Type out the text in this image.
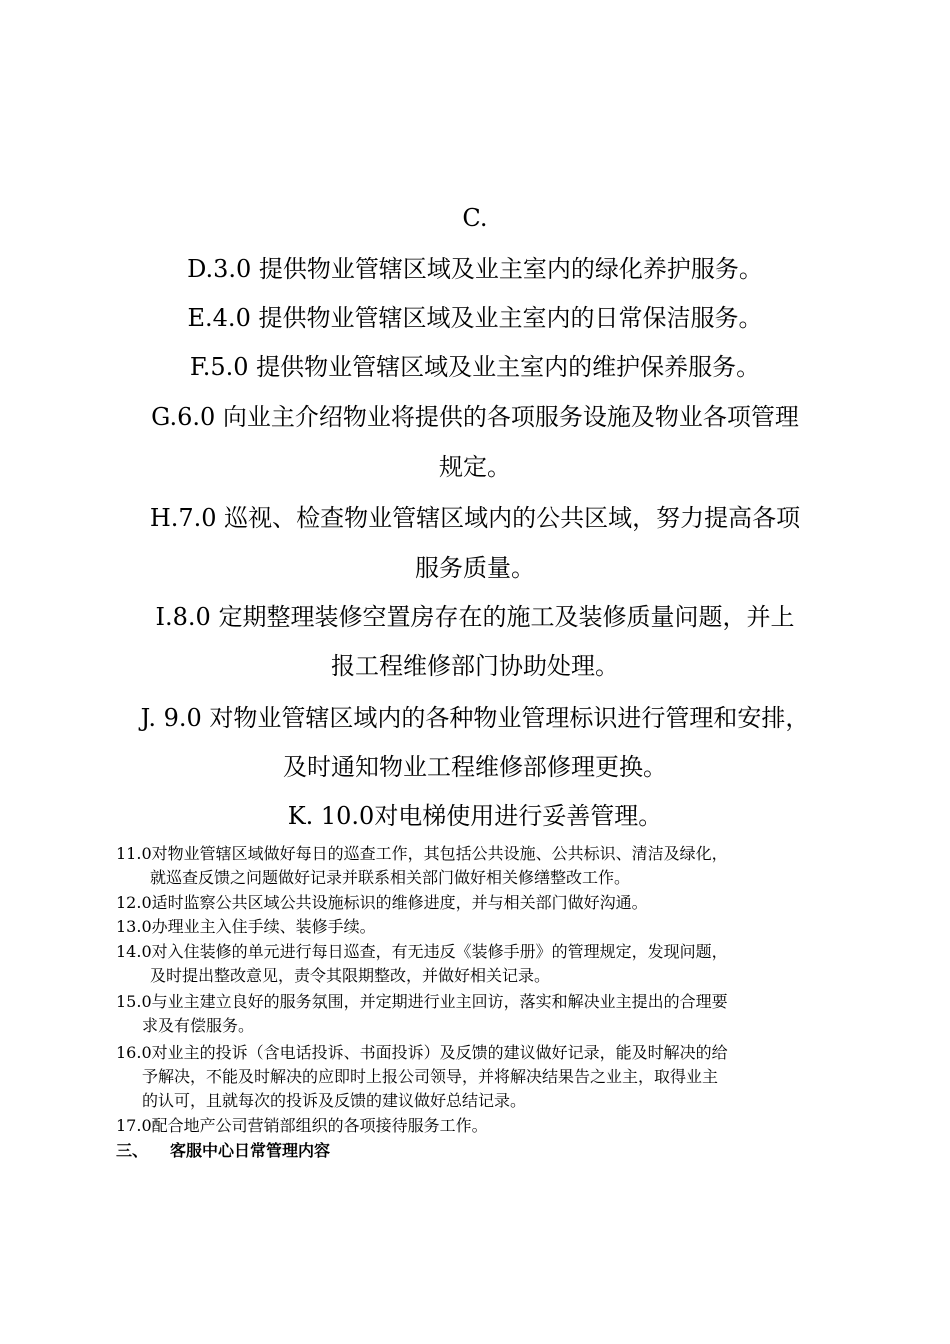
C.
D.3.0 提供物业管辖区域及业主室内的绿化养护服务。
E.4.0 提供物业管辖区域及业主室内的日常保洁服务。
F.5.0 提供物业管辖区域及业主室内的维护保养服务。
G.6.0 向业主介绍物业将提供的各项服务设施及物业各项管理
规定。
H.7.0 巡视、检查物业管辖区域内的公共区域，努力提高各项
服务质量。
I.8.0 定期整理装修空置房存在的施工及装修质量问题，并上
报工程维修部门协助处理。
J. 9.0 对物业管辖区域内的各种物业管理标识进行管理和安排，
及时通知物业工程维修部修理更换。
K. 10.0对电梯使用进行妥善管理。
11.0对物业管辖区域做好每日的巡查工作，其包括公共设施、公共标识、清洁及绿化，
就巡查反馈之问题做好记录并联系相关部门做好相关修缮整改工作。
12.0适时监察公共区域公共设施标识的维修进度，并与相关部门做好沟通。
13.0办理业主入住手续、装修手续。
14.0对入住装修的单元进行每日巡查，有无违反《装修手册》的管理规定，发现问题，
及时提出整改意见，责令其限期整改，并做好相关记录。
15.0与业主建立良好的服务氛围，并定期进行业主回访，落实和解决业主提出的合理要
求及有偿服务。
16.0对业主的投诉（含电话投诉、书面投诉）及反馈的建议做好记录，能及时解决的给
予解决，不能及时解决的应即时上报公司领导，并将解决结果告之业主，取得业主
的认可，且就每次的投诉及反馈的建议做好总结记录。
17.0配合地产公司营销部组织的各项接待服务工作。
三、 客服中心日常管理内容
